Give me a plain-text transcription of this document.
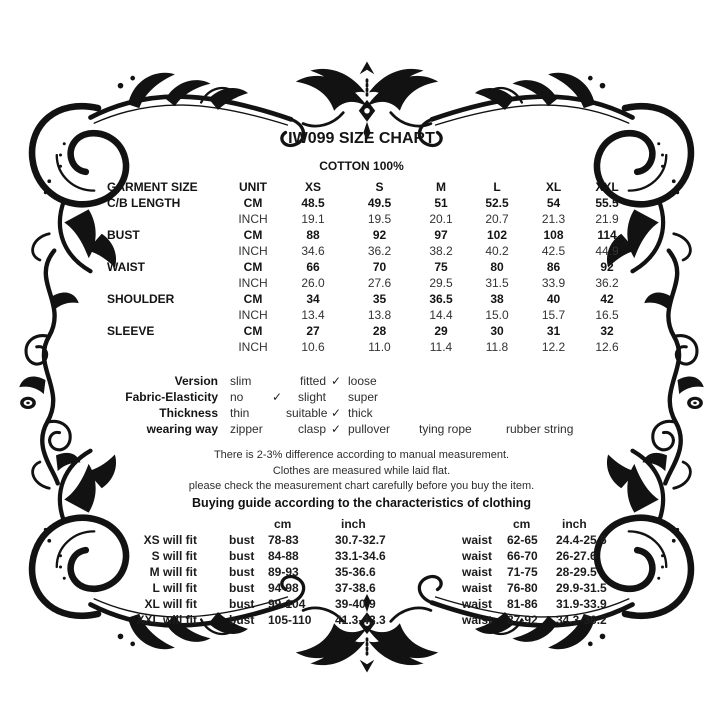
IW099 SIZE CHART
COTTON 100%
GARMENT SIZE	UNIT	XS	S	M	L	XL	XXL
C/B LENGTH	CM	48.5	49.5	51	52.5	54	55.5
INCH	19.1	19.5	20.1	20.7	21.3	21.9
BUST	CM	88	92	97	102	108	114
INCH	34.6	36.2	38.2	40.2	42.5	44.9
WAIST	CM	66	70	75	80	86	92
INCH	26.0	27.6	29.5	31.5	33.9	36.2
SHOULDER	CM	34	35	36.5	38	40	42
INCH	13.4	13.8	14.4	15.0	15.7	16.5
SLEEVE	CM	27	28	29	30	31	32
INCH	10.6	11.0	11.4	11.8	12.2	12.6
Version	slim	fitted ✓ loose
Fabric-Elasticity	no	✓	slight super
Thickness	thin	suitable ✓ thick
wearing way	zipper	clasp ✓ pullover	tying rope	rubber string
There is 2-3% difference according to manual measurement.
Clothes are measured while laid flat.
please check the measurement chart carefully before you buy the item.
Buying guide according to the characteristics of clothing
cm	inch	cm	inch
XS will fit	bust	78-83	30.7-32.7	waist	62-65	24.4-25.6
S will fit	bust	84-88	33.1-34.6	waist	66-70	26-27.6
M will fit	bust	89-93	35-36.6	waist	71-75	28-29.5
L will fit	bust	94-98	37-38.6	waist	76-80	29.9-31.5
XL will fit	bust	99-104	39-40.9	waist	81-86	31.9-33.9
XXL will fit	bust	105-110	41.3-43.3	waist	87-92	34.3-36.2
